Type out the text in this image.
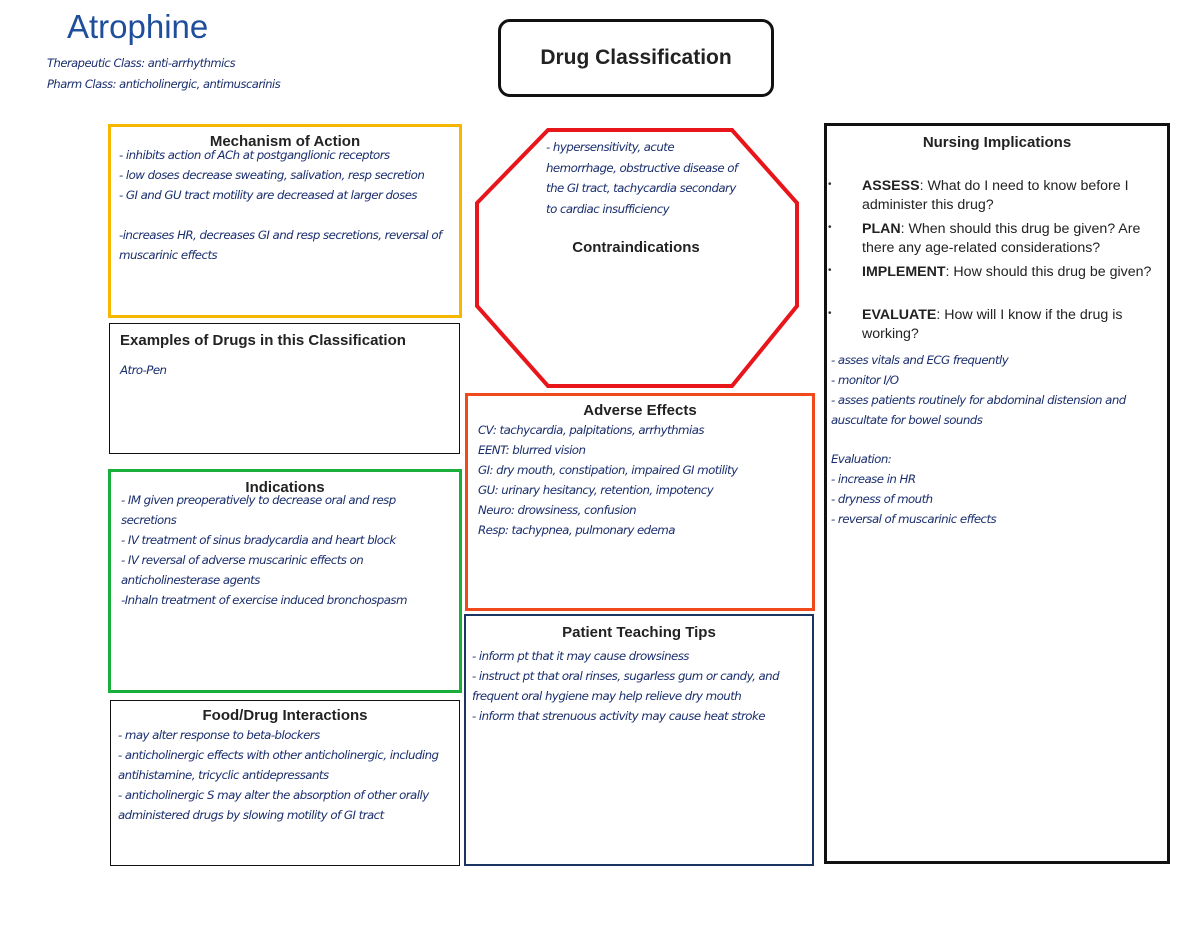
Atrophine
Therapeutic Class: anti-arrhythmics
Pharm Class: anticholinergic, antimuscarinis
Drug Classification
Mechanism of Action
- inhibits action of ACh at postganglionic receptors
- low doses decrease sweating, salivation, resp secretion
- GI and GU tract motility are decreased at larger doses
-increases HR, decreases GI and resp secretions, reversal of
muscarinic effects
Examples of Drugs in this Classification
Atro-Pen
Indications
- IM given preoperatively to decrease oral and resp
secretions
- IV treatment of sinus bradycardia and heart block
- IV reversal of adverse muscarinic effects on
anticholinesterase agents
-Inhaln treatment of exercise induced bronchospasm
Food/Drug Interactions
- may alter response to beta-blockers
- anticholinergic effects with other anticholinergic, including
antihistamine, tricyclic antidepressants
- anticholinergic S may alter the absorption of other orally
administered drugs by slowing motility of GI tract
- hypersensitivity, acute
hemorrhage, obstructive disease of
the GI tract, tachycardia secondary
to cardiac insufficiency
Contraindications
Adverse Effects
CV: tachycardia, palpitations, arrhythmias
EENT: blurred vision
GI: dry mouth, constipation, impaired GI motility
GU: urinary hesitancy, retention, impotency
Neuro: drowsiness, confusion
Resp: tachypnea, pulmonary edema
Patient Teaching Tips
- inform pt that it may cause drowsiness
- instruct pt that oral rinses, sugarless gum or candy, and
frequent oral hygiene may help relieve dry mouth
- inform that strenuous activity may cause heat stroke
Nursing Implications
• ASSESS: What do I need to know before I administer this drug?
• PLAN: When should this drug be given? Are there any age-related considerations?
• IMPLEMENT: How should this drug be given?
• EVALUATE: How will I know if the drug is working?
- asses vitals and ECG frequently
- monitor I/O
- asses patients routinely for abdominal distension and
auscultate for bowel sounds
Evaluation:
- increase in HR
- dryness of mouth
- reversal of muscarinic effects
